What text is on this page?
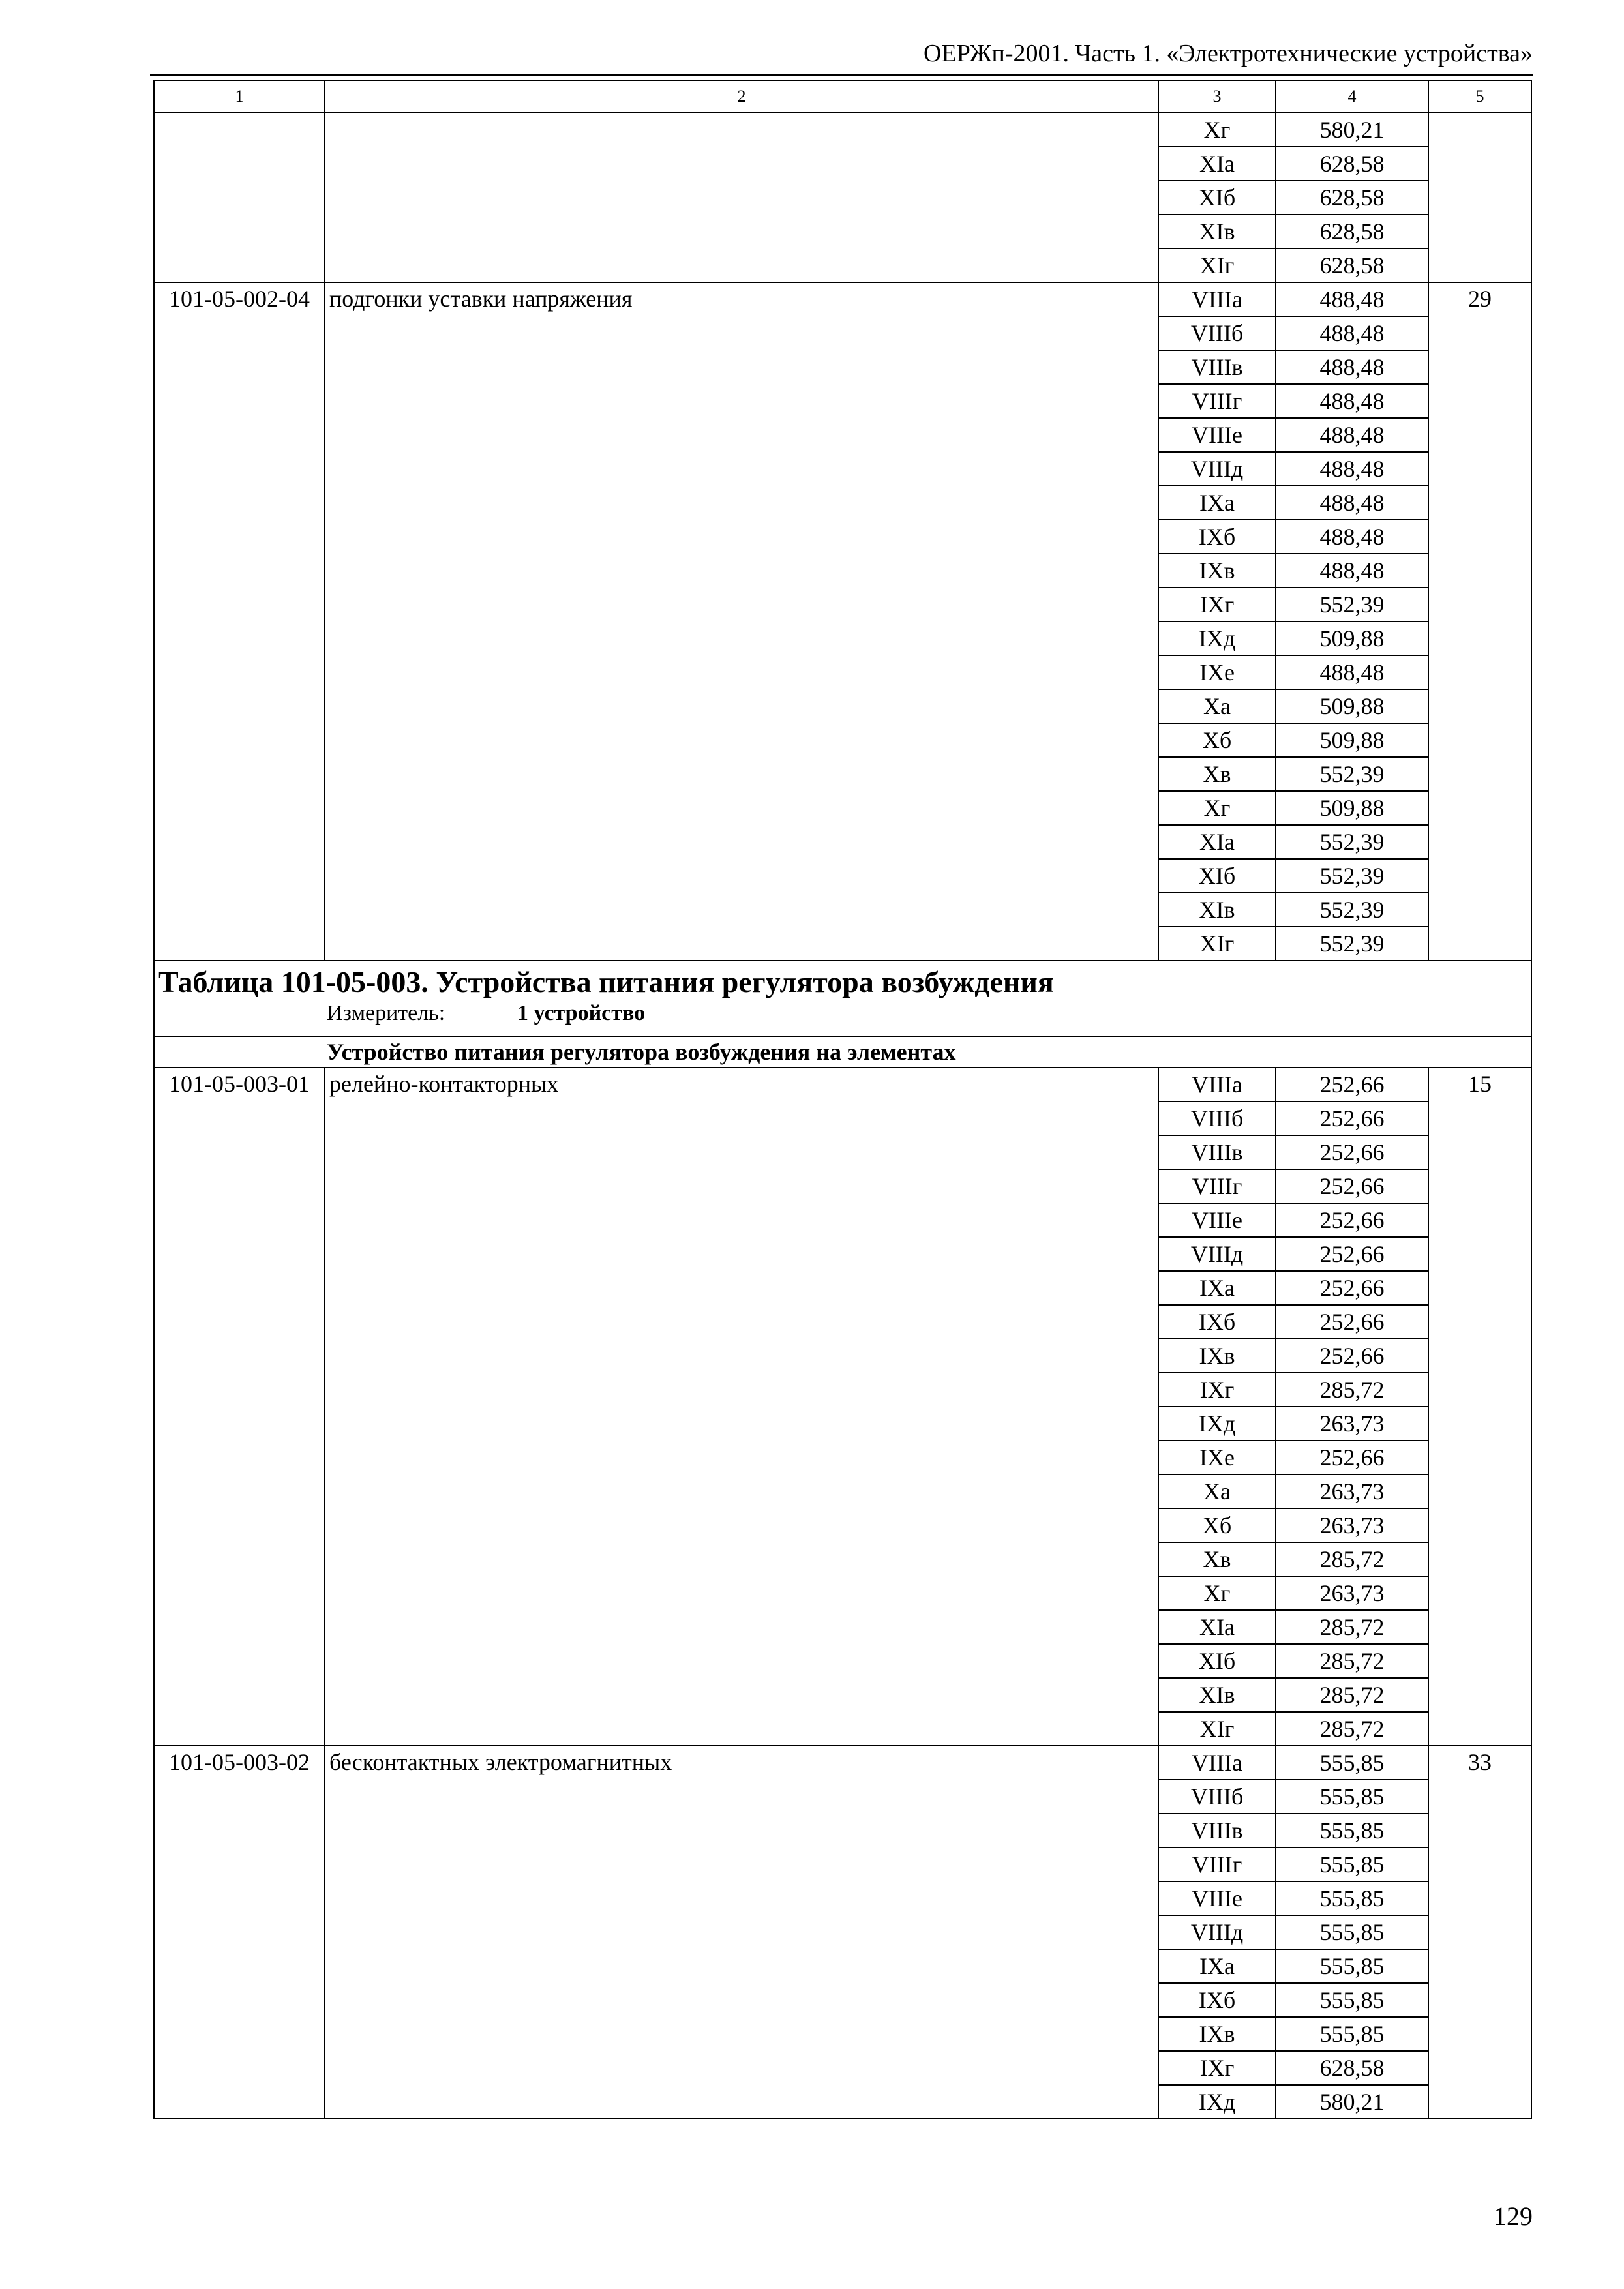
ОЕРЖп-2001. Часть 1. «Электротехнические устройства»
1	2	3	4	5
		Xг	580,21	
		XIа	628,58	
		XIб	628,58	
		XIв	628,58	
		XIг	628,58	
101-05-002-04	подгонки уставки напряжения	VIIIа	488,48	29
		VIIIб	488,48	
		VIIIв	488,48	
		VIIIг	488,48	
		VIIIе	488,48	
		VIIIд	488,48	
		IXа	488,48	
		IXб	488,48	
		IXв	488,48	
		IXг	552,39	
		IXд	509,88	
		IXе	488,48	
		Xа	509,88	
		Xб	509,88	
		Xв	552,39	
		Xг	509,88	
		XIа	552,39	
		XIб	552,39	
		XIв	552,39	
		XIг	552,39	

Таблица 101-05-003. Устройства питания регулятора возбуждения
Измеритель: 1 устройство				

Устройство питания регулятора возбуждения на элементах				
101-05-003-01	релейно-контакторных	VIIIа	252,66	15
		VIIIб	252,66	
		VIIIв	252,66	
		VIIIг	252,66	
		VIIIе	252,66	
		VIIIд	252,66	
		IXа	252,66	
		IXб	252,66	
		IXв	252,66	
		IXг	285,72	
		IXд	263,73	
		IXе	252,66	
		Xа	263,73	
		Xб	263,73	
		Xв	285,72	
		Xг	263,73	
		XIа	285,72	
		XIб	285,72	
		XIв	285,72	
		XIг	285,72	
101-05-003-02	бесконтактных электромагнитных	VIIIа	555,85	33
		VIIIб	555,85	
		VIIIв	555,85	
		VIIIг	555,85	
		VIIIе	555,85	
		VIIIд	555,85	
		IXа	555,85	
		IXб	555,85	
		IXв	555,85	
		IXг	628,58	
		IXд	580,21	
129
